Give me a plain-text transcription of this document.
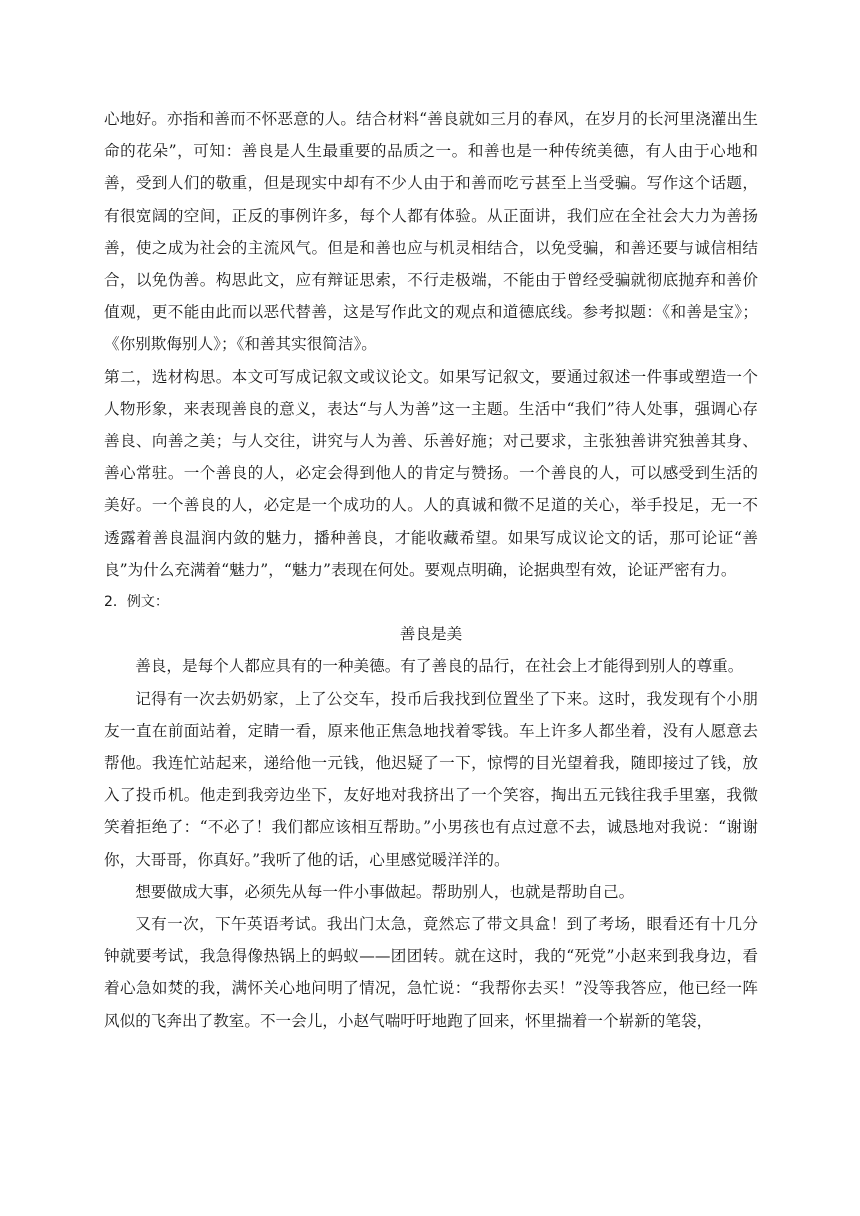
心地好。亦指和善而不怀恶意的人。结合材料“善良就如三月的春风，在岁月的长河里浇灌出生命的花朵”，可知：善良是人生最重要的品质之一。和善也是一种传统美德，有人由于心地和善，受到人们的敬重，但是现实中却有不少人由于和善而吃亏甚至上当受骗。写作这个话题，有很宽阔的空间，正反的事例许多，每个人都有体验。从正面讲，我们应在全社会大力为善扬善，使之成为社会的主流风气。但是和善也应与机灵相结合，以免受骗，和善还要与诚信相结合，以免伪善。构思此文，应有辩证思索，不行走极端，不能由于曾经受骗就彻底抛弃和善价值观，更不能由此而以恶代替善，这是写作此文的观点和道德底线。参考拟题：《和善是宝》；《你别欺侮别人》；《和善其实很简洁》。

第二，选材构思。本文可写成记叙文或议论文。如果写记叙文，要通过叙述一件事或塑造一个人物形象，来表现善良的意义，表达“与人为善”这一主题。生活中“我们”待人处事，强调心存善良、向善之美；与人交往，讲究与人为善、乐善好施；对己要求，主张独善讲究独善其身、善心常驻。一个善良的人，必定会得到他人的肯定与赞扬。一个善良的人，可以感受到生活的美好。一个善良的人，必定是一个成功的人。人的真诚和微不足道的关心，举手投足，无一不透露着善良温润内敛的魅力，播种善良，才能收藏希望。如果写成议论文的话，那可论证“善良”为什么充满着“魅力”，“魅力”表现在何处。要观点明确，论据典型有效，论证严密有力。

2．例文：

善良是美

善良，是每个人都应具有的一种美德。有了善良的品行，在社会上才能得到别人的尊重。

记得有一次去奶奶家，上了公交车，投币后我找到位置坐了下来。这时，我发现有个小朋友一直在前面站着，定睛一看，原来他正焦急地找着零钱。车上许多人都坐着，没有人愿意去帮他。我连忙站起来，递给他一元钱，他迟疑了一下，惊愕的目光望着我，随即接过了钱，放入了投币机。他走到我旁边坐下，友好地对我挤出了一个笑容，掏出五元钱往我手里塞，我微笑着拒绝了：“不必了！我们都应该相互帮助。”小男孩也有点过意不去，诚恳地对我说：“谢谢你，大哥哥，你真好。”我听了他的话，心里感觉暖洋洋的。

想要做成大事，必须先从每一件小事做起。帮助别人，也就是帮助自己。

又有一次，下午英语考试。我出门太急，竟然忘了带文具盒！到了考场，眼看还有十几分钟就要考试，我急得像热锅上的蚂蚁——团团转。就在这时，我的“死党”小赵来到我身边，看着心急如焚的我，满怀关心地问明了情况，急忙说：“我帮你去买！”没等我答应，他已经一阵风似的飞奔出了教室。不一会儿，小赵气喘吁吁地跑了回来，怀里揣着一个崭新的笔袋，
